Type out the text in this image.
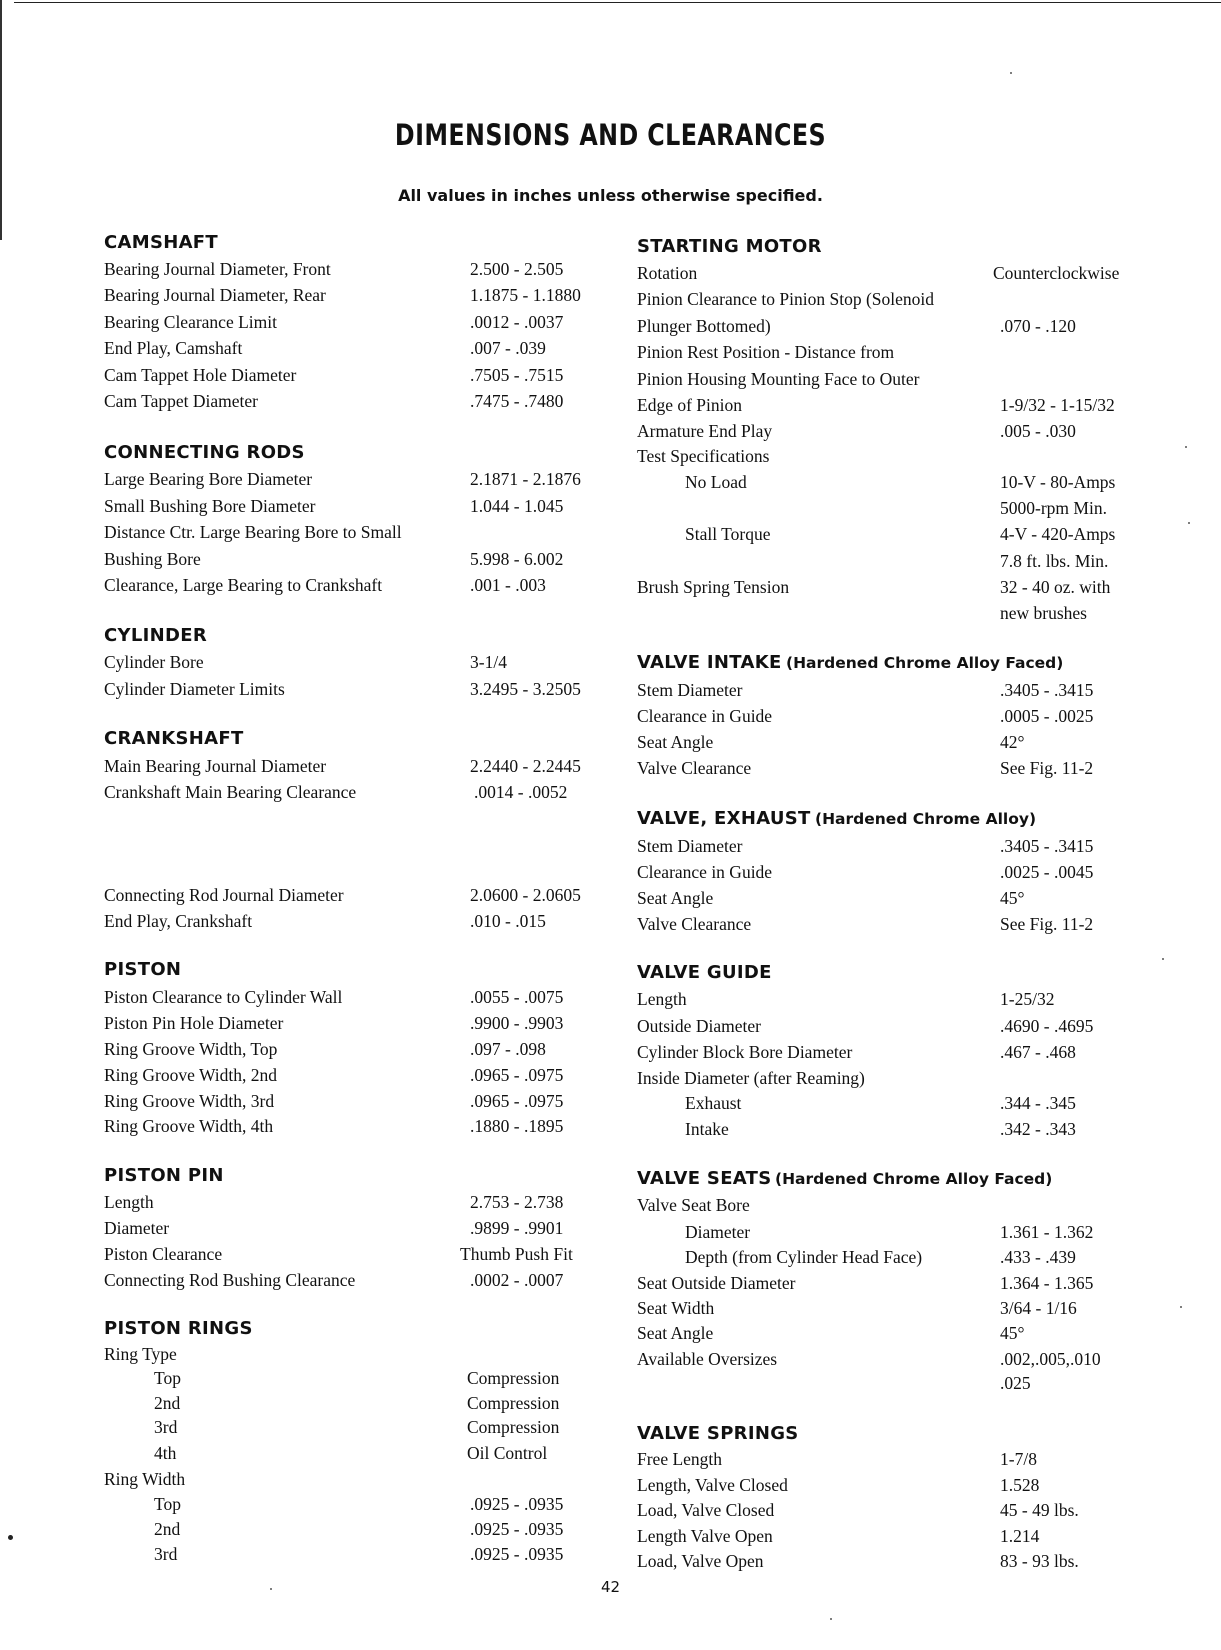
DIMENSIONS AND CLEARANCES
All values in inches unless otherwise specified.
CAMSHAFT
Bearing Journal Diameter, Front	2.500 - 2.505
Bearing Journal Diameter, Rear	1.1875 - 1.1880
Bearing Clearance Limit	.0012 - .0037
End Play, Camshaft	.007 - .039
Cam Tappet Hole Diameter	.7505 - .7515
Cam Tappet Diameter	.7475 - .7480
CONNECTING RODS
Large Bearing Bore Diameter	2.1871 - 2.1876
Small Bushing Bore Diameter	1.044 - 1.045
Distance Ctr. Large Bearing Bore to Small
Bushing Bore	5.998 - 6.002
Clearance, Large Bearing to Crankshaft	.001 - .003
CYLINDER
Cylinder Bore	3-1/4
Cylinder Diameter Limits	3.2495 - 3.2505
CRANKSHAFT
Main Bearing Journal Diameter	2.2440 - 2.2445
Crankshaft Main Bearing Clearance	.0014 - .0052
Connecting Rod Journal Diameter	2.0600 - 2.0605
End Play, Crankshaft	.010 - .015
PISTON
Piston Clearance to Cylinder Wall	.0055 - .0075
Piston Pin Hole Diameter	.9900 - .9903
Ring Groove Width, Top	.097 - .098
Ring Groove Width, 2nd	.0965 - .0975
Ring Groove Width, 3rd	.0965 - .0975
Ring Groove Width, 4th	.1880 - .1895
PISTON PIN
Length	2.753 - 2.738
Diameter	.9899 - .9901
Piston Clearance	Thumb Push Fit
Connecting Rod Bushing Clearance	.0002 - .0007
PISTON RINGS
Ring Type
Top	Compression
2nd	Compression
3rd	Compression
4th	Oil Control
Ring Width
Top	.0925 - .0935
2nd	.0925 - .0935
3rd	.0925 - .0935
STARTING MOTOR
Rotation	Counterclockwise
Pinion Clearance to Pinion Stop (Solenoid
Plunger Bottomed)	.070 - .120
Pinion Rest Position - Distance from
Pinion Housing Mounting Face to Outer
Edge of Pinion	1-9/32 - 1-15/32
Armature End Play	.005 - .030
Test Specifications
No Load	10-V - 80-Amps
5000-rpm Min.
Stall Torque	4-V - 420-Amps
7.8 ft. lbs. Min.
Brush Spring Tension	32 - 40 oz. with
new brushes
VALVE INTAKE (Hardened Chrome Alloy Faced)
Stem Diameter	.3405 - .3415
Clearance in Guide	.0005 - .0025
Seat Angle	42°
Valve Clearance	See Fig. 11-2
VALVE, EXHAUST (Hardened Chrome Alloy)
Stem Diameter	.3405 - .3415
Clearance in Guide	.0025 - .0045
Seat Angle	45°
Valve Clearance	See Fig. 11-2
VALVE GUIDE
Length	1-25/32
Outside Diameter	.4690 - .4695
Cylinder Block Bore Diameter	.467 - .468
Inside Diameter (after Reaming)
Exhaust	.344 - .345
Intake	.342 - .343
VALVE SEATS (Hardened Chrome Alloy Faced)
Valve Seat Bore
Diameter	1.361 - 1.362
Depth (from Cylinder Head Face)	.433 - .439
Seat Outside Diameter	1.364 - 1.365
Seat Width	3/64 - 1/16
Seat Angle	45°
Available Oversizes	.002,.005,.010
.025
VALVE SPRINGS
Free Length	1-7/8
Length, Valve Closed	1.528
Load, Valve Closed	45 - 49 lbs.
Length Valve Open	1.214
Load, Valve Open	83 - 93 lbs.
42
